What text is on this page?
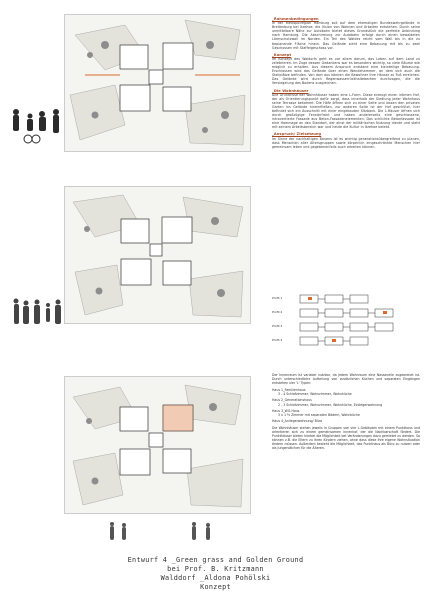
_Rahmenbedingungen
In der Metropolregion Hamburg soll auf dem ehemaligen Bundeswehrgelände in Breitenburg bei Itzehoe, die Vision von Wohnen und Arbeiten entstehen. Durch seine unmittelbare Nähe zur Autobahn bietet dieses Grundstück die perfekte Anbindung nach Hamburg. Die Abschirmung zur Autobahn erfolgt durch einen bewaldeten Lärmschutzwall im Norden. Ein Teil des Waldes reicht vom Wall bis in die zu beplanende Fläche hinein. Das Gelände sieht eine Bebauung mit bis zu zwei Geschossen mit Staffelgeschoss vor.
_Konzept
Im Konzept des Waldorfs geht es vor allem darum, das Leben auf dem Land zu zelebrieren. Im Zuge dessen Gedankens war es besonders wichtig, so viele Bäume wie möglich zu erhalten. Aus diesem Anspruch entstand eine kleinteilige Bebauung. Erschlossen wird das Gelände über einen Wendehammer, an dem sich auch die Stellplätze befinden. Von dort aus können die Bewohner ihre Häuser zu Fuß erreichen. Das Gelände wird durch Regenwasserrückhaltebecken durchzogen, die die Versiegelung des Bodens ausgleichen.
_Die Wohnhäuser
Alle Grundrisse der Wohnhäuser haben eine L-Form. Diese erzeugt einen intimen Hof, der als Orientierungspunkt dafür sorgt, dass innerhalb der Siedlung jeder Wohnhaus seine Terrasse bekommt. Die Höfe öffnen sich zu einer Seite und lassen den privaten Garten ins Gelände hineinfließen, zur anderen Seite ist der Hof geschützt, hier befindet sich ein Ausschnitt mit einer eingebauten Sitzbank. Die L-Häuser öffnen sich durch großzügige Fensterfront und haben andererseits eine geschlossene, introvertierte Fassade aus Beton-Fassadenelementen. Das schlichte Betonfassade ist eine Hommage an den Standort, der einst der militärischen Nutzung diente und steht mit seinem Arbeitsbereich war und heute die Kultur in Itzehoe belebt.
_Anspruch/ Zielsetzung
Im Sinne der nachhaltigen Bauens ist es wichtig generationsübergreifend zu planen, dass Menschen aller Altersgruppen sowie körperlich eingeschränkte Menschen hier gemeinsam leben und gegebenenfalls auch arbeiten können.
Profil 1
Profil 2
Profil 3
Profil 4
Der Innenraum ist variabel nutzbar, da jedem Wohnraum eine Nassecelle zugeordnet ist. Durch unterschiedliche Aufteilung von zusätzlichen Küchen und separaten Eingängen entstehen vier 'L' Typen:
Haus 1_Familienhaus
3 - 4 Schlafzimmer, Wohnzimmer, Wohnküche
Haus 2_Generationshaus
2 - 3 Schlafzimmer, Wohnzimmer, Wohnküche, Einliegerwohnung
Haus 3_WG-Haus
3 x 1 ½ Zimmer mit separaten Bädern, Wohnküche
Haus 4_Anliegerwohnung/ Büro
Die Wohnhäuser stehen jeweils in Gruppen von vier L-Gebäuden mit einem Punkthaus und orientieren sich zu einem gemeinsamen innenhof, der die Nachbarschaft fördert. Die Punkthäuser bieten hierbei die Möglichkeit bei Veränderungen dazu gemietet zu werden. So können z.B. die Eltern zu ihren Kindern ziehen, ohne dass diese ihre eigene Wohnsituation ändern müssen. Außerdem besteht die Möglichkeit, das Punkthaus als Büro zu nutzen oder als Jungendlichen für die Älteren.
Entwurf 4 _Green grass and Golden Ground
bei Prof. B. Kritzmann
Walddorf _Aldona Pohölski
Konzept
